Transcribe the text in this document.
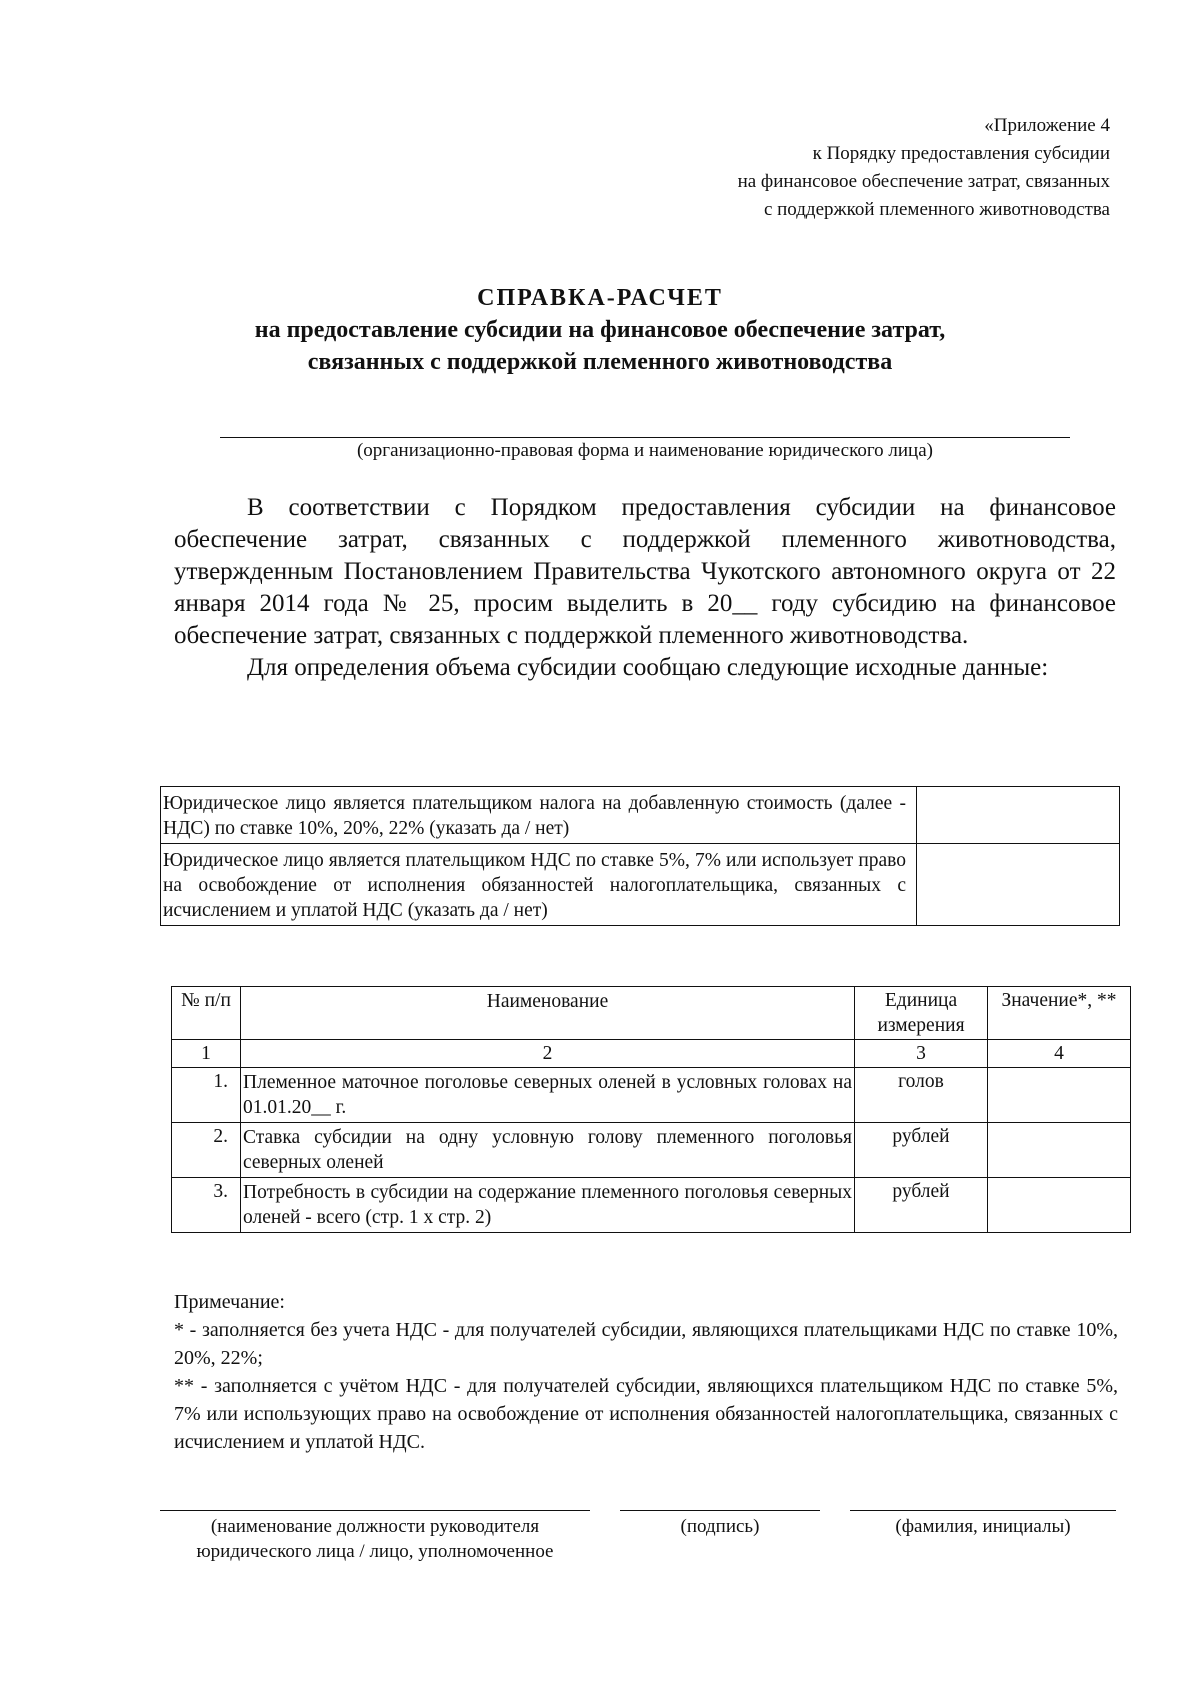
«Приложение 4
к Порядку предоставления субсидии
на финансовое обеспечение затрат, связанных
с поддержкой племенного животноводства
СПРАВКА-РАСЧЕТ
на предоставление субсидии на финансовое обеспечение затрат,
связанных с поддержкой племенного животноводства
(организационно-правовая форма и наименование юридического лица)
В соответствии с Порядком предоставления субсидии на финансовое обеспечение затрат, связанных с поддержкой племенного животноводства, утвержденным Постановлением Правительства Чукотского автономного округа от 22 января 2014 года № 25, просим выделить в 20__ году субсидию на финансовое обеспечение затрат, связанных с поддержкой племенного животноводства.
Для определения объема субсидии сообщаю следующие исходные данные:
Юридическое лицо является плательщиком налога на добавленную стоимость (далее - НДС) по ставке 10%, 20%, 22% (указать да / нет)	
Юридическое лицо является плательщиком НДС по ставке 5%, 7% или использует право на освобождение от исполнения обязанностей налогоплательщика, связанных с исчислением и уплатой НДС (указать да / нет)	
№ п/п	Наименование	Единица измерения	Значение*, **
1	2	3	4
1.	Племенное маточное поголовье северных оленей в условных головах на 01.01.20__ г.	голов	
2.	Ставка субсидии на одну условную голову племенного поголовья северных оленей	рублей	
3.	Потребность в субсидии на содержание племенного поголовья северных оленей - всего (стр. 1 х стр. 2)	рублей	
Примечание:
* - заполняется без учета НДС - для получателей субсидии, являющихся плательщиками НДС по ставке 10%, 20%, 22%;
** - заполняется с учётом НДС - для получателей субсидии, являющихся плательщиком НДС по ставке 5%, 7% или использующих право на освобождение от исполнения обязанностей налогоплательщика, связанных с исчислением и уплатой НДС.
(наименование должности руководителя
юридического лица / лицо, уполномоченное
(подпись)	(фамилия, инициалы)
